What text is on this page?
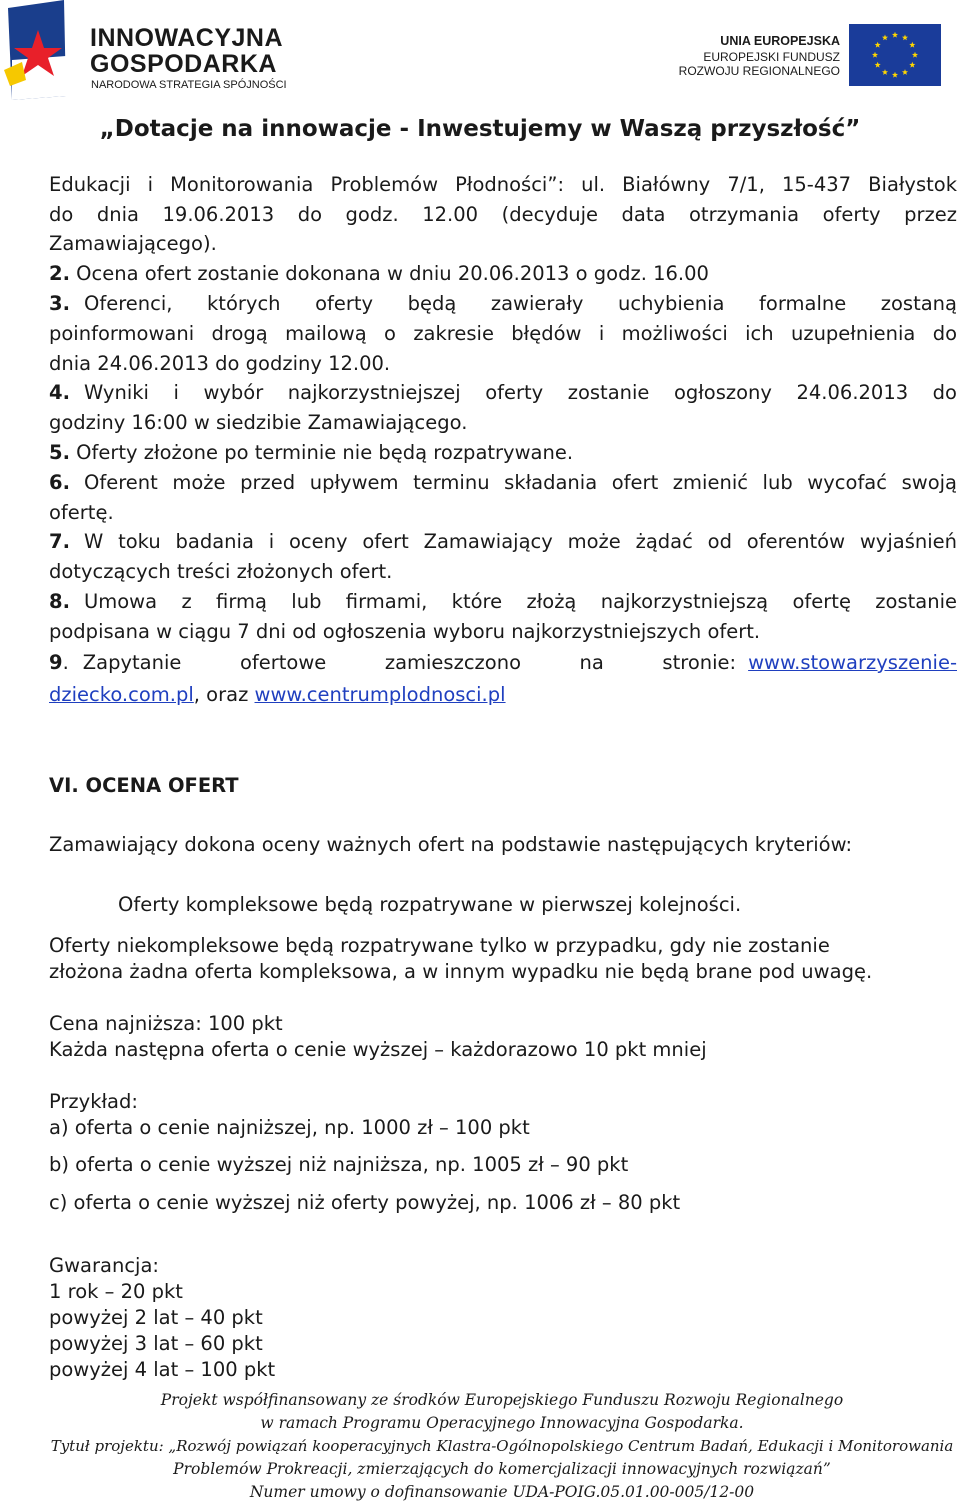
INNOWACYJNA
GOSPODARKA
NARODOWA STRATEGIA SPÓJNOŚCI
UNIA EUROPEJSKA
EUROPEJSKI FUNDUSZ
ROZWOJU REGIONALNEGO
„Dotacje na innowacje - Inwestujemy w Waszą przyszłość”
Edukacji i Monitorowania Problemów Płodności”: ul. Białówny 7/1, 15-437 Białystok
do dnia 19.06.2013 do godz. 12.00 (decyduje data otrzymania oferty przez
Zamawiającego).
2. Ocena ofert zostanie dokonana w dniu 20.06.2013 o godz. 16.00
3. Oferenci, których oferty będą zawierały uchybienia formalne zostaną
poinformowani drogą mailową o zakresie błędów i możliwości ich uzupełnienia do
dnia 24.06.2013 do godziny 12.00.
4. Wyniki i wybór najkorzystniejszej oferty zostanie ogłoszony 24.06.2013 do
godziny 16:00 w siedzibie Zamawiającego.
5. Oferty złożone po terminie nie będą rozpatrywane.
6. Oferent może przed upływem terminu składania ofert zmienić lub wycofać swoją
ofertę.
7. W toku badania i oceny ofert Zamawiający może żądać od oferentów wyjaśnień
dotyczących treści złożonych ofert.
8. Umowa z firmą lub firmami, które złożą najkorzystniejszą ofertę zostanie
podpisana w ciągu 7 dni od ogłoszenia wyboru najkorzystniejszych ofert.
9. Zapytanie ofertowe zamieszczono na stronie: www.stowarzyszenie-
dziecko.com.pl, oraz www.centrumplodnosci.pl
VI. OCENA OFERT
Zamawiający dokona oceny ważnych ofert na podstawie następujących kryteriów:
Oferty kompleksowe będą rozpatrywane w pierwszej kolejności.
Oferty niekompleksowe będą rozpatrywane tylko w przypadku, gdy nie zostanie
złożona żadna oferta kompleksowa, a w innym wypadku nie będą brane pod uwagę.
Cena najniższa: 100 pkt
Każda następna oferta o cenie wyższej – każdorazowo 10 pkt mniej
Przykład:
a) oferta o cenie najniższej, np. 1000 zł – 100 pkt
b) oferta o cenie wyższej niż najniższa, np. 1005 zł – 90 pkt
c) oferta o cenie wyższej niż oferty powyżej, np. 1006 zł – 80 pkt
Gwarancja:
1 rok – 20 pkt
powyżej 2 lat – 40 pkt
powyżej 3 lat – 60 pkt
powyżej 4 lat – 100 pkt
Projekt współfinansowany ze środków Europejskiego Funduszu Rozwoju Regionalnego
w ramach Programu Operacyjnego Innowacyjna Gospodarka.
Tytuł projektu: „Rozwój powiązań kooperacyjnych Klastra-Ogólnopolskiego Centrum Badań, Edukacji i Monitorowania
Problemów Prokreacji, zmierzających do komercjalizacji innowacyjnych rozwiązań”
Numer umowy o dofinansowanie UDA-POIG.05.01.00-005/12-00
